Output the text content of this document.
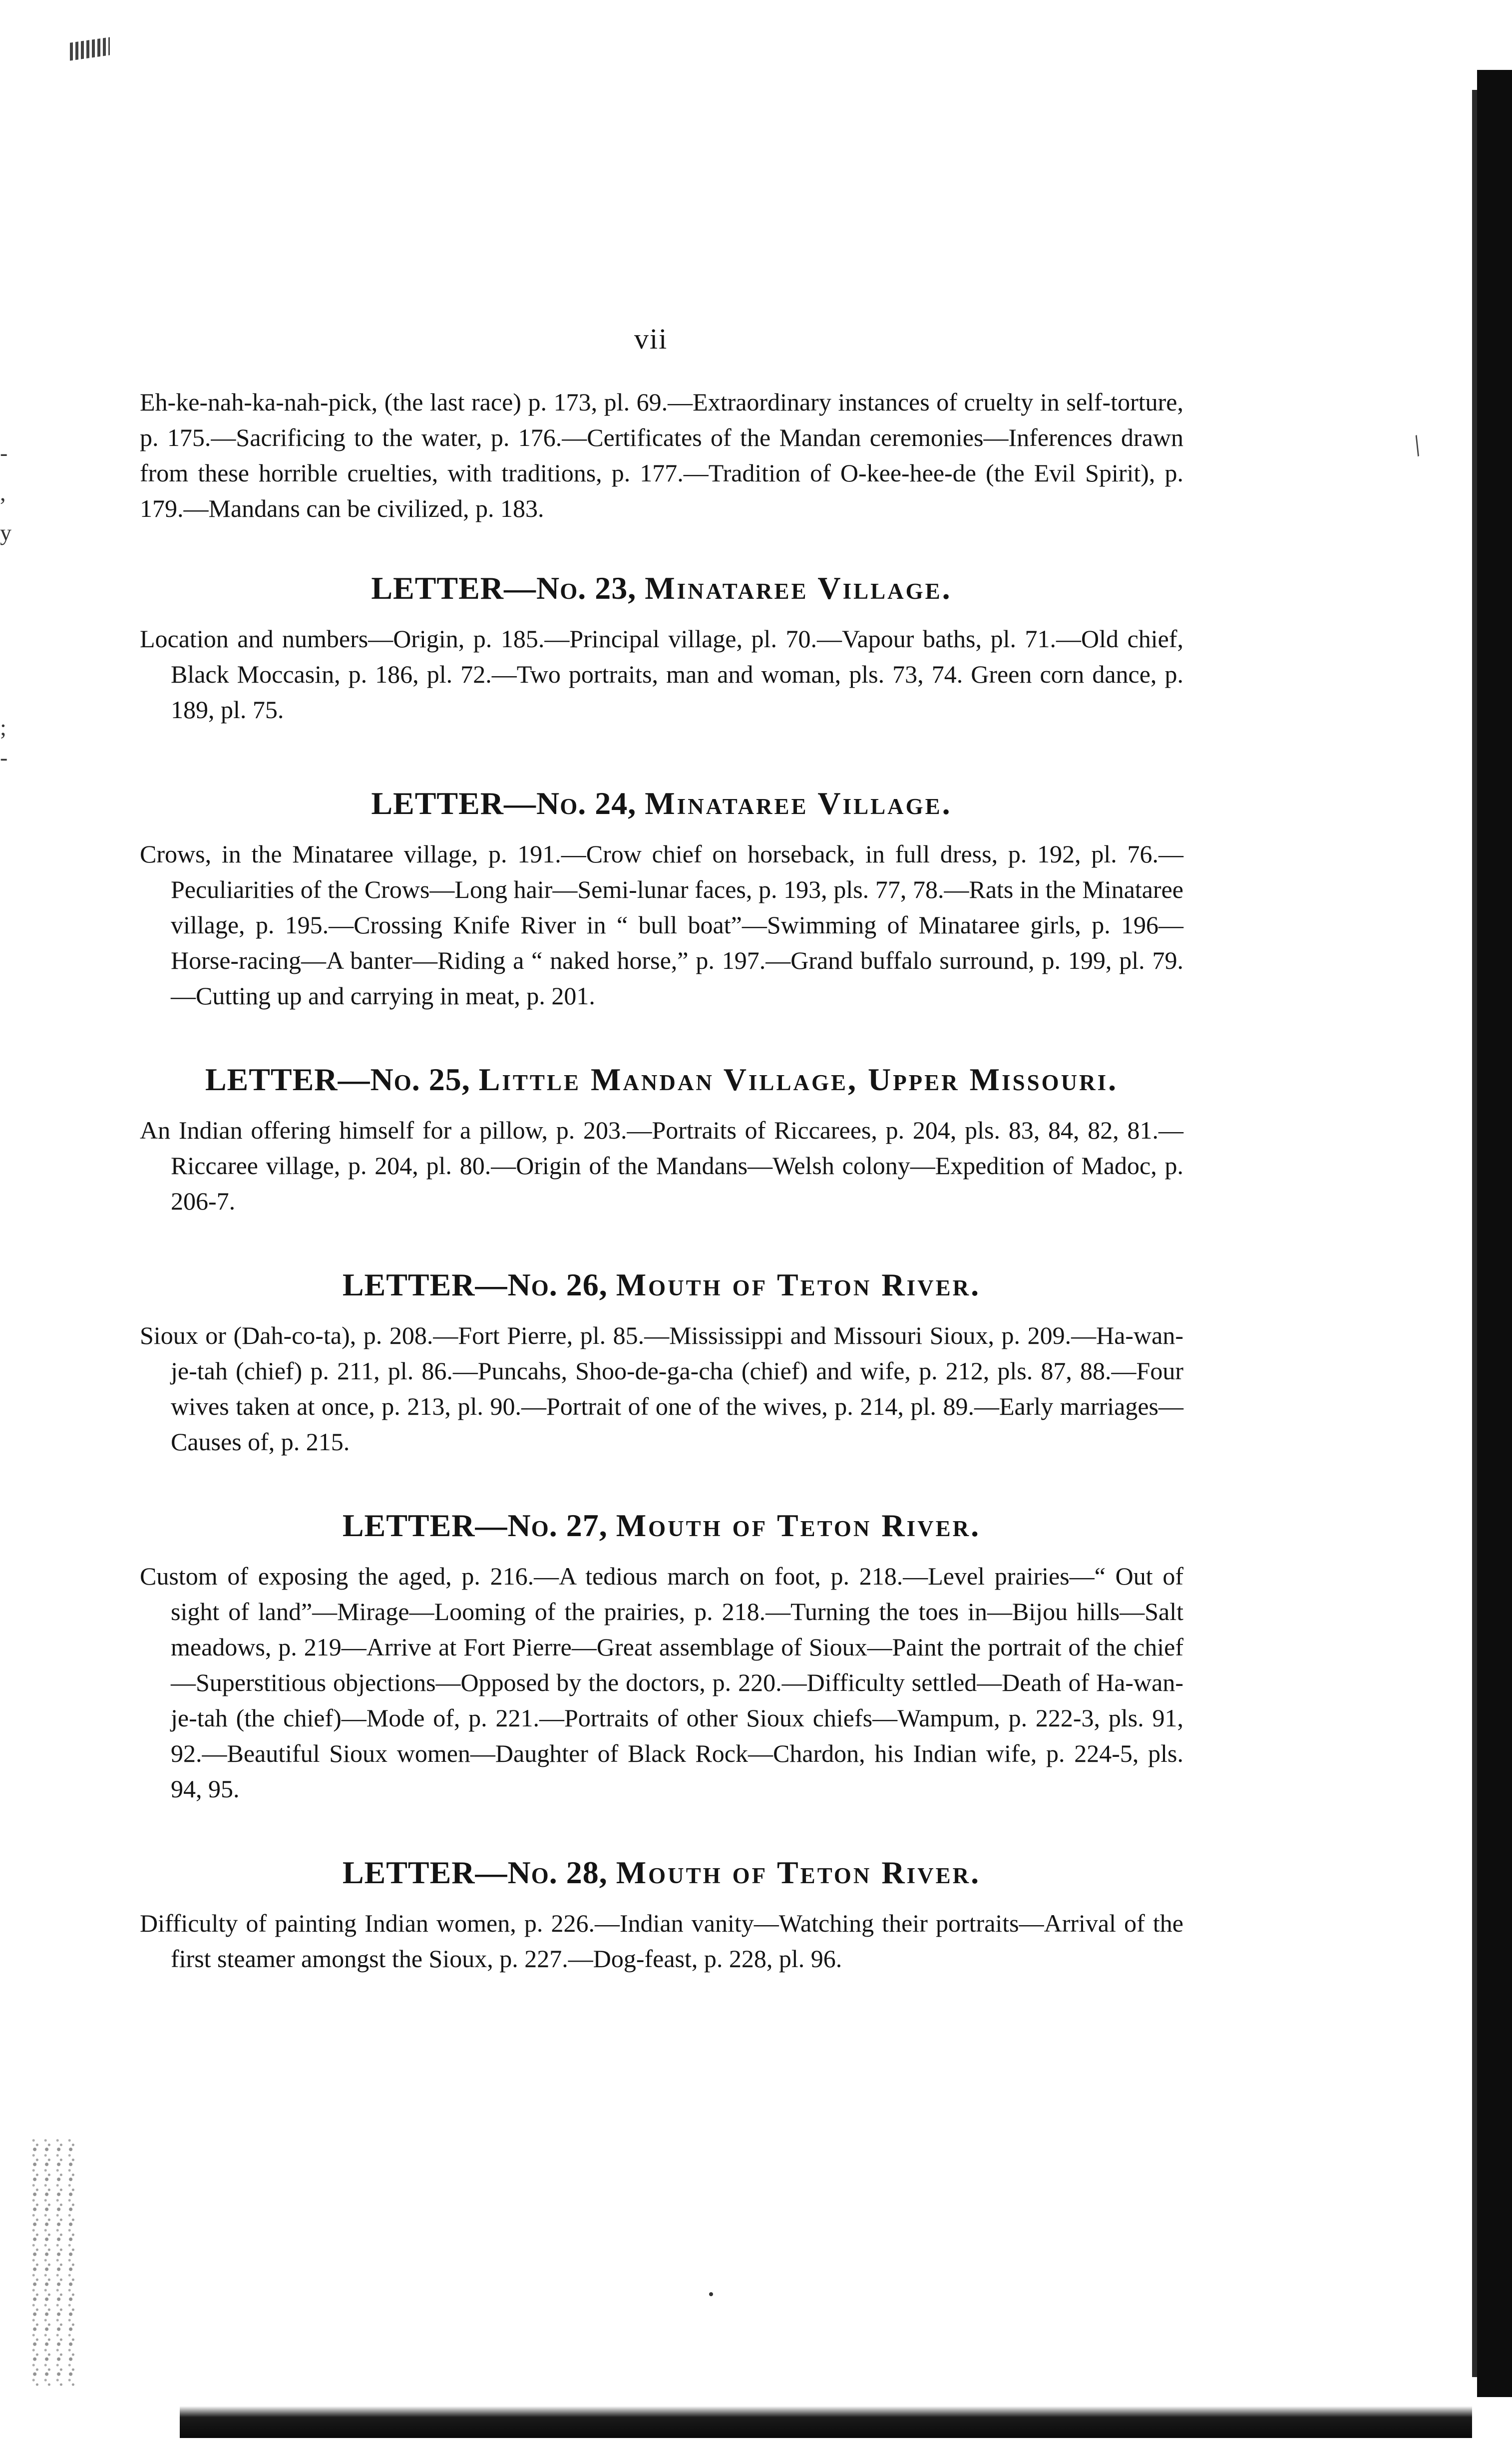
-
,
y
;
-
/
vii

Eh-ke-nah-ka-nah-pick, (the last race) p. 173, pl. 69.—Extraordinary instances of cruelty in self-torture, p. 175.—Sacrificing to the water, p. 176.—Certificates of the Mandan ceremonies—Inferences drawn from these horrible cruelties, with traditions, p. 177.—Tradition of O-kee-hee-de (the Evil Spirit), p. 179.—Mandans can be civilized, p. 183.

LETTER—No. 23, Minataree Village.

Location and numbers—Origin, p. 185.—Principal village, pl. 70.—Vapour baths, pl. 71.—Old chief, Black Moccasin, p. 186, pl. 72.—Two portraits, man and woman, pls. 73, 74. Green corn dance, p. 189, pl. 75.

LETTER—No. 24, Minataree Village.

Crows, in the Minataree village, p. 191.—Crow chief on horseback, in full dress, p. 192, pl. 76.—Peculiarities of the Crows—Long hair—Semi-lunar faces, p. 193, pls. 77, 78.—Rats in the Minataree village, p. 195.—Crossing Knife River in “ bull boat”—Swimming of Minataree girls, p. 196—Horse-racing—A banter—Riding a “ naked horse,” p. 197.—Grand buffalo surround, p. 199, pl. 79.—Cutting up and carrying in meat, p. 201.

LETTER—No. 25, Little Mandan Village, Upper Missouri.

An Indian offering himself for a pillow, p. 203.—Portraits of Riccarees, p. 204, pls. 83, 84, 82, 81.—Riccaree village, p. 204, pl. 80.—Origin of the Mandans—Welsh colony—Expedition of Madoc, p. 206-7.

LETTER—No. 26, Mouth of Teton River.

Sioux or (Dah-co-ta), p. 208.—Fort Pierre, pl. 85.—Mississippi and Missouri Sioux, p. 209.—Ha-wan-je-tah (chief) p. 211, pl. 86.—Puncahs, Shoo-de-ga-cha (chief) and wife, p. 212, pls. 87, 88.—Four wives taken at once, p. 213, pl. 90.—Portrait of one of the wives, p. 214, pl. 89.—Early marriages—Causes of, p. 215.

LETTER—No. 27, Mouth of Teton River.

Custom of exposing the aged, p. 216.—A tedious march on foot, p. 218.—Level prairies—“ Out of sight of land”—Mirage—Looming of the prairies, p. 218.—Turning the toes in—Bijou hills—Salt meadows, p. 219—Arrive at Fort Pierre—Great assemblage of Sioux—Paint the portrait of the chief—Superstitious objections—Opposed by the doctors, p. 220.—Difficulty settled—Death of Ha-wan-je-tah (the chief)—Mode of, p. 221.—Portraits of other Sioux chiefs—Wampum, p. 222-3, pls. 91, 92.—Beautiful Sioux women—Daughter of Black Rock—Chardon, his Indian wife, p. 224-5, pls. 94, 95.

LETTER—No. 28, Mouth of Teton River.

Difficulty of painting Indian women, p. 226.—Indian vanity—Watching their portraits—Arrival of the first steamer amongst the Sioux, p. 227.—Dog-feast, p. 228, pl. 96.
